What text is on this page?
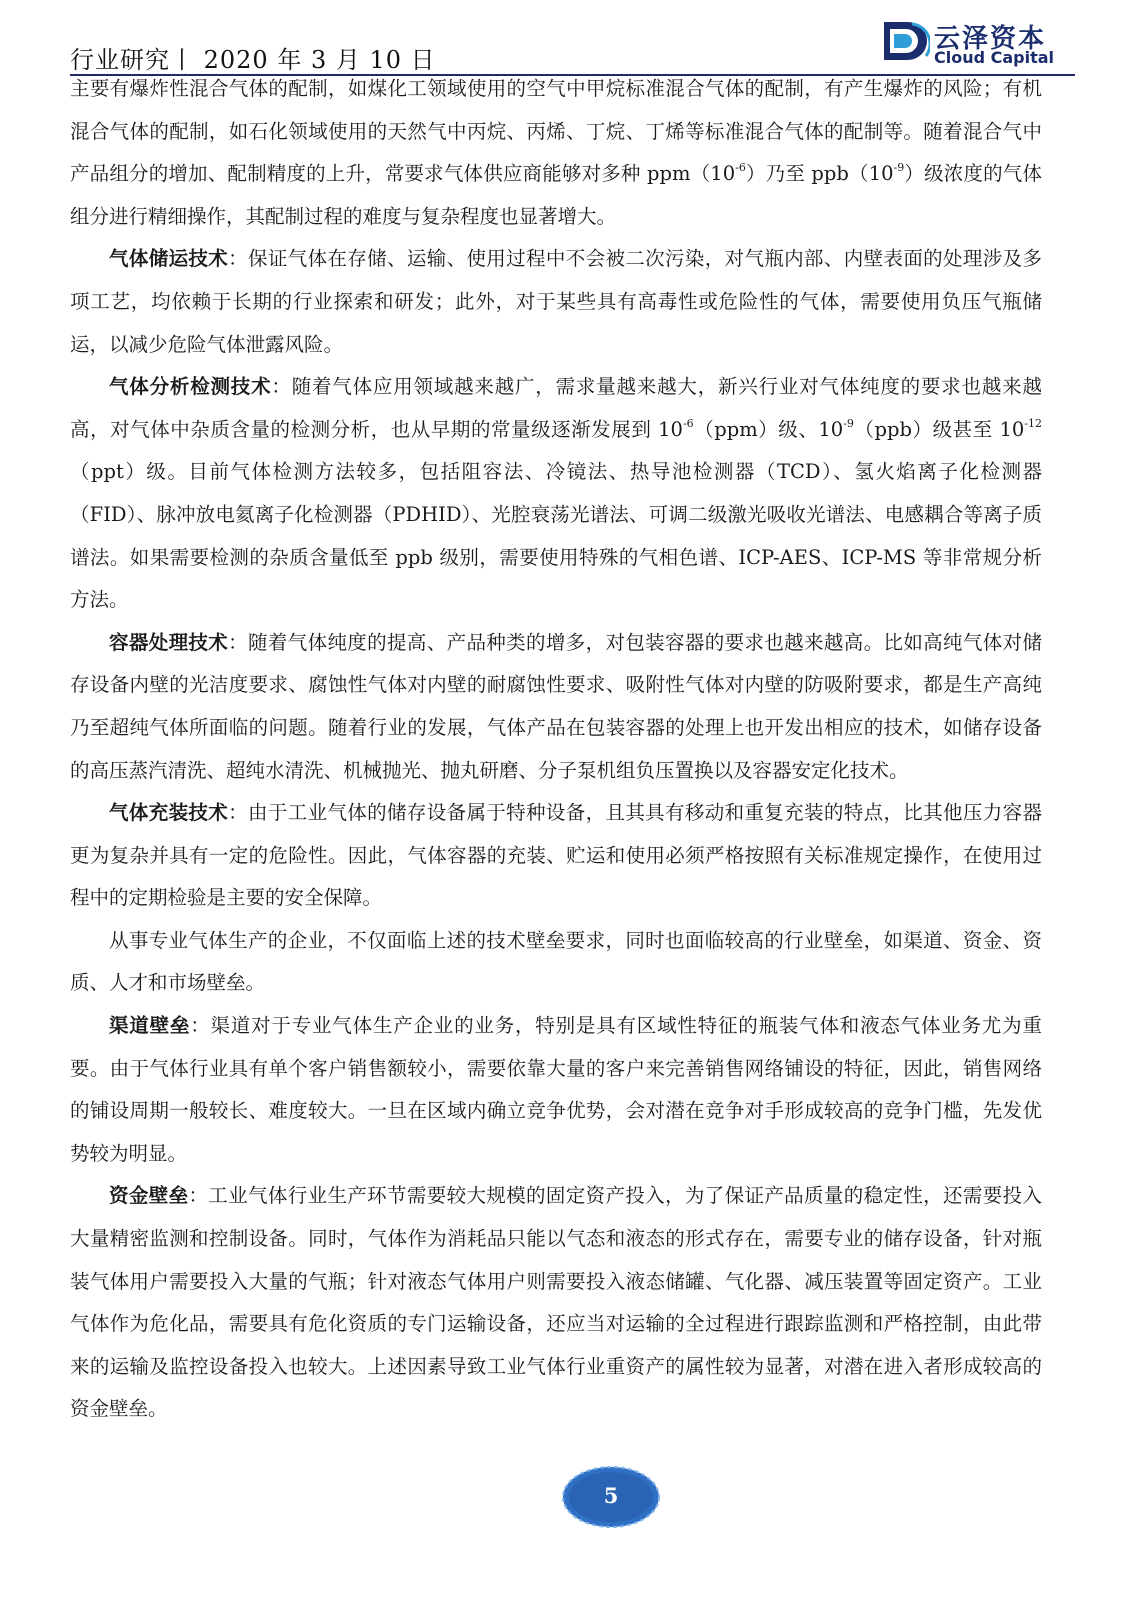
行业研究丨 2020 年 3 月 10 日
云泽资本
Cloud Capital

主要有爆炸性混合气体的配制，如煤化工领域使用的空气中甲烷标准混合气体的配制，有产生爆炸的风险；有机混合气体的配制，如石化领域使用的天然气中丙烷、丙烯、丁烷、丁烯等标准混合气体的配制等。随着混合气中产品组分的增加、配制精度的上升，常要求气体供应商能够对多种 $ppm(10^{-6})$乃至 $ppb(10^{-9})$级浓度的气体组分进行精细操作，其配制过程的难度与复杂程度也显著增大。

气体储运技术：保证气体在存储、运输、使用过程中不会被二次污染，对气瓶内部、内壁表面的处理涉及多项工艺，均依赖于长期的行业探索和研发；此外，对于某些具有高毒性或危险性的气体，需要使用负压气瓶储运，以减少危险气体泄露风险。

气体分析检测技术：随着气体应用领域越来越广，需求量越来越大，新兴行业对气体纯度的要求也越来越高，对气体中杂质含量的检测分析，也从早期的常量级逐渐发展到 $10^{-6}(ppm)$级、$10^{-9}(ppb)$级甚至 $10^{-12}(ppt)$级。目前气体检测方法较多，包括阻容法、冷镜法、热导池检测器（TCD）、氢火焰离子化检测器（FID）、脉冲放电氦离子化检测器（PDHID）、光腔衰荡光谱法、可调二级激光吸收光谱法、电感耦合等离子质谱法。如果需要检测的杂质含量低至 ppb 级别，需要使用特殊的气相色谱、ICP-AES、ICP-MS 等非常规分析方法。

容器处理技术：随着气体纯度的提高、产品种类的增多，对包装容器的要求也越来越高。比如高纯气体对储存设备内壁的光洁度要求、腐蚀性气体对内壁的耐腐蚀性要求、吸附性气体对内壁的防吸附要求，都是生产高纯乃至超纯气体所面临的问题。随着行业的发展，气体产品在包装容器的处理上也开发出相应的技术，如储存设备的高压蒸汽清洗、超纯水清洗、机械抛光、抛丸研磨、分子泵机组负压置换以及容器安定化技术。

气体充装技术：由于工业气体的储存设备属于特种设备，且其具有移动和重复充装的特点，比其他压力容器更为复杂并具有一定的危险性。因此，气体容器的充装、贮运和使用必须严格按照有关标准规定操作，在使用过程中的定期检验是主要的安全保障。

从事专业气体生产的企业，不仅面临上述的技术壁垒要求，同时也面临较高的行业壁垒，如渠道、资金、资质、人才和市场壁垒。

渠道壁垒：渠道对于专业气体生产企业的业务，特别是具有区域性特征的瓶装气体和液态气体业务尤为重要。由于气体行业具有单个客户销售额较小，需要依靠大量的客户来完善销售网络铺设的特征，因此，销售网络的铺设周期一般较长、难度较大。一旦在区域内确立竞争优势，会对潜在竞争对手形成较高的竞争门槛，先发优势较为明显。

资金壁垒：工业气体行业生产环节需要较大规模的固定资产投入，为了保证产品质量的稳定性，还需要投入大量精密监测和控制设备。同时，气体作为消耗品只能以气态和液态的形式存在，需要专业的储存设备，针对瓶装气体用户需要投入大量的气瓶；针对液态气体用户则需要投入液态储罐、气化器、减压装置等固定资产。工业气体作为危化品，需要具有危化资质的专门运输设备，还应当对运输的全过程进行跟踪监测和严格控制，由此带来的运输及监控设备投入也较大。上述因素导致工业气体行业重资产的属性较为显著，对潜在进入者形成较高的资金壁垒。

5
